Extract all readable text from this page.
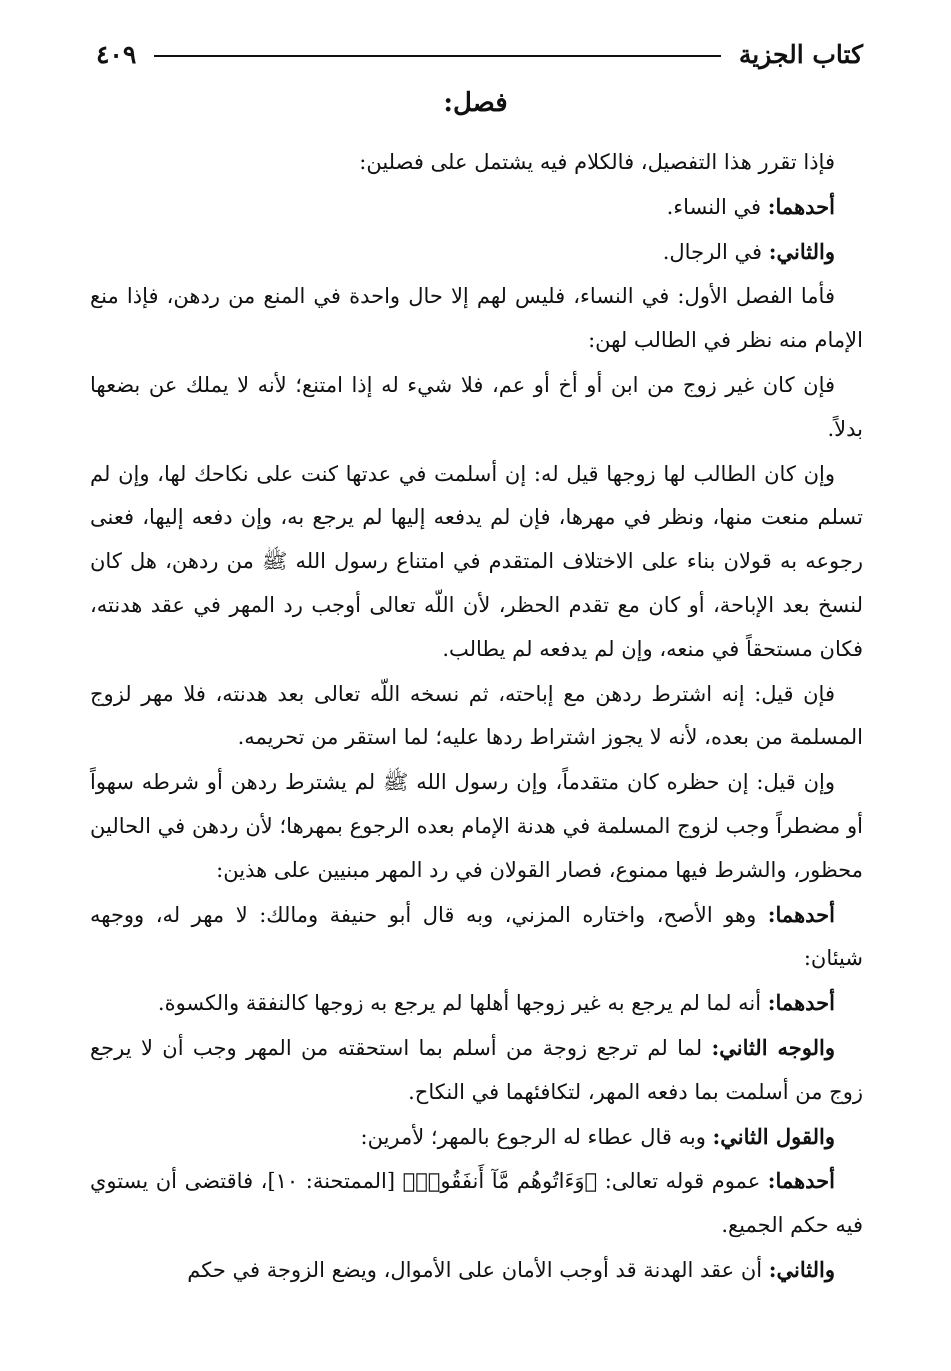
كتاب الجزية
٤٠٩
فصل:

فإذا تقرر هذا التفصيل، فالكلام فيه يشتمل على فصلين:

أحدهما: في النساء.

والثاني: في الرجال.

فأما الفصل الأول: في النساء، فليس لهم إلا حال واحدة في المنع من ردهن، فإذا منع الإمام منه نظر في الطالب لهن:

فإن كان غير زوج من ابن أو أخ أو عم، فلا شيء له إذا امتنع؛ لأنه لا يملك عن بضعها بدلاً.

وإن كان الطالب لها زوجها قيل له: إن أسلمت في عدتها كنت على نكاحك لها، وإن لم تسلم منعت منها، ونظر في مهرها، فإن لم يدفعه إليها لم يرجع به، وإن دفعه إليها، فعنى رجوعه به قولان بناء على الاختلاف المتقدم في امتناع رسول الله ﷺ من ردهن، هل كان لنسخ بعد الإباحة، أو كان مع تقدم الحظر، لأن اللّه تعالى أوجب رد المهر في عقد هدنته، فكان مستحقاً في منعه، وإن لم يدفعه لم يطالب.

فإن قيل: إنه اشترط ردهن مع إباحته، ثم نسخه اللّه تعالى بعد هدنته، فلا مهر لزوج المسلمة من بعده، لأنه لا يجوز اشتراط ردها عليه؛ لما استقر من تحريمه.

وإن قيل: إن حظره كان متقدماً، وإن رسول الله ﷺ لم يشترط ردهن أو شرطه سهواً أو مضطراً وجب لزوج المسلمة في هدنة الإمام بعده الرجوع بمهرها؛ لأن ردهن في الحالين محظور، والشرط فيها ممنوع، فصار القولان في رد المهر مبنيين على هذين:

أحدهما: وهو الأصح، واختاره المزني، وبه قال أبو حنيفة ومالك: لا مهر له، ووجهه شيئان:

أحدهما: أنه لما لم يرجع به غير زوجها أهلها لم يرجع به زوجها كالنفقة والكسوة.

والوجه الثاني: لما لم ترجع زوجة من أسلم بما استحقته من المهر وجب أن لا يرجع زوج من أسلمت بما دفعه المهر، لتكافئهما في النكاح.

والقول الثاني: وبه قال عطاء له الرجوع بالمهر؛ لأمرين:

أحدهما: عموم قوله تعالى: ﴿وَءَاتُوهُم مَّآ أَنفَقُوا۟﴾ [الممتحنة: ١٠]، فاقتضى أن يستوي فيه حكم الجميع.

والثاني: أن عقد الهدنة قد أوجب الأمان على الأموال، ويضع الزوجة في حكم
